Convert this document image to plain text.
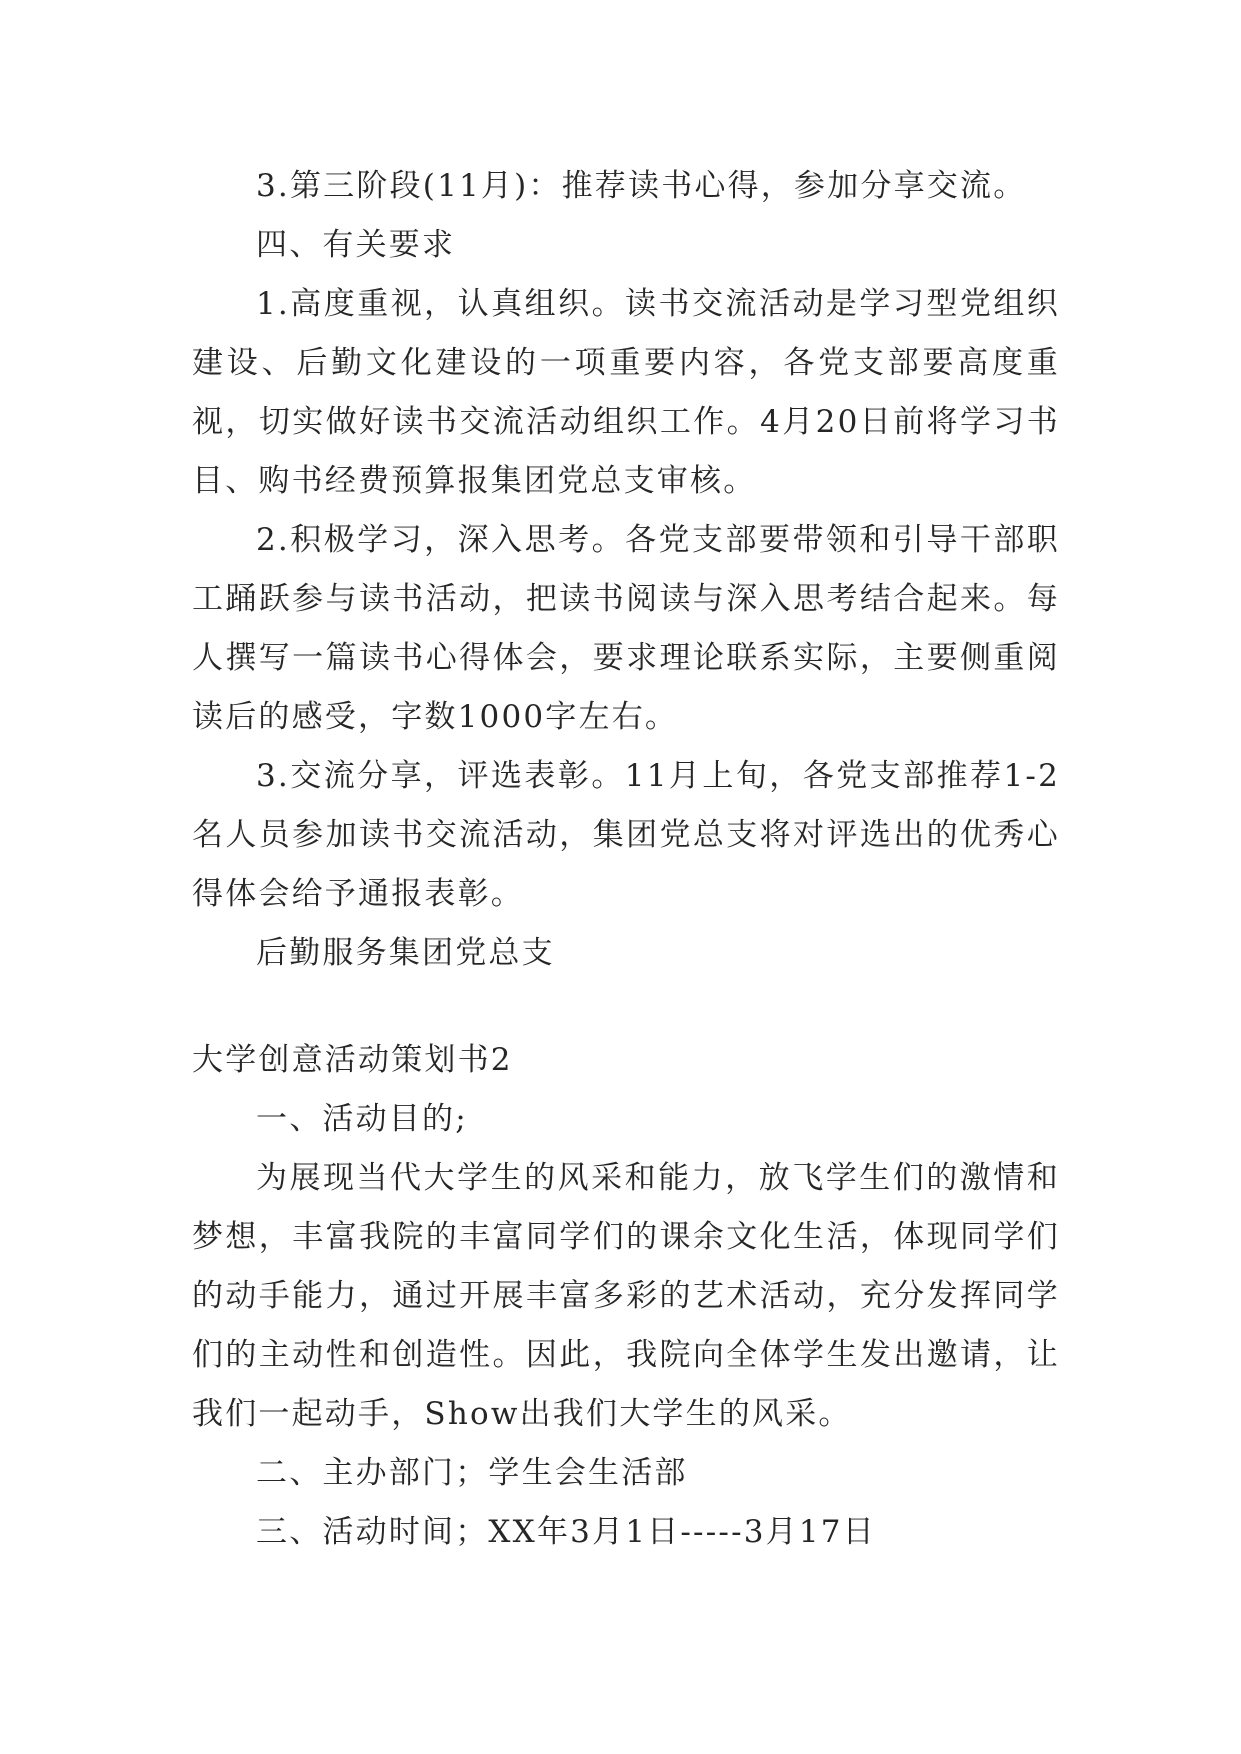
3.第三阶段(11月)：推荐读书心得，参加分享交流。

四、有关要求

1.高度重视，认真组织。读书交流活动是学习型党组织建设、后勤文化建设的一项重要内容，各党支部要高度重视，切实做好读书交流活动组织工作。4月20日前将学习书目、购书经费预算报集团党总支审核。

2.积极学习，深入思考。各党支部要带领和引导干部职工踊跃参与读书活动，把读书阅读与深入思考结合起来。每人撰写一篇读书心得体会，要求理论联系实际，主要侧重阅读后的感受，字数1000字左右。

3.交流分享，评选表彰。11月上旬，各党支部推荐1-2名人员参加读书交流活动，集团党总支将对评选出的优秀心得体会给予通报表彰。

后勤服务集团党总支

大学创意活动策划书2

一、活动目的;

为展现当代大学生的风采和能力，放飞学生们的激情和梦想，丰富我院的丰富同学们的课余文化生活，体现同学们的动手能力，通过开展丰富多彩的艺术活动，充分发挥同学们的主动性和创造性。因此，我院向全体学生发出邀请，让我们一起动手，Show出我们大学生的风采。

二、主办部门；学生会生活部

三、活动时间；XX年3月1日-----3月17日
